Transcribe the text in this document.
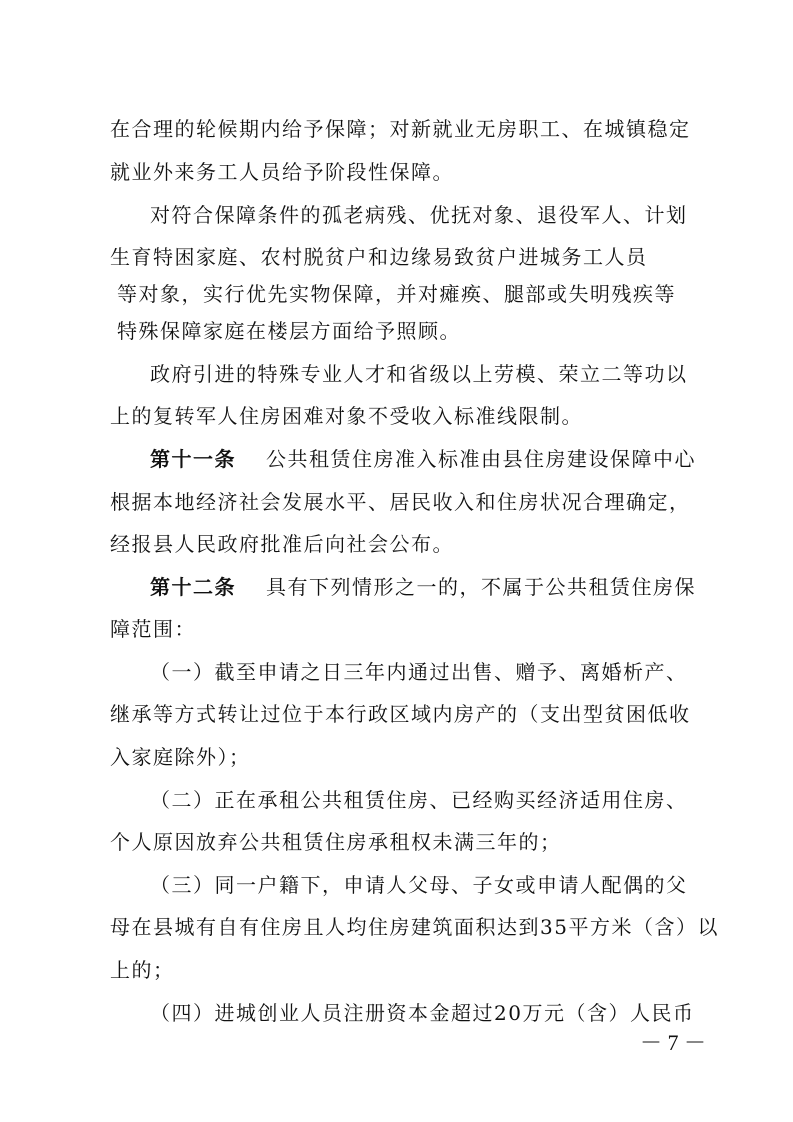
在合理的轮候期内给予保障；对新就业无房职工、在城镇稳定
就业外来务工人员给予阶段性保障。
对符合保障条件的孤老病残、优抚对象、退役军人、计划
生育特困家庭、农村脱贫户和边缘易致贫户进城务工人员
等对象，实行优先实物保障，并对瘫痪、腿部或失明残疾等
特殊保障家庭在楼层方面给予照顾。
政府引进的特殊专业人才和省级以上劳模、荣立二等功以
上的复转军人住房困难对象不受收入标准线限制。
第十一条 公共租赁住房准入标准由县住房建设保障中心
根据本地经济社会发展水平、居民收入和住房状况合理确定，
经报县人民政府批准后向社会公布。
第十二条 具有下列情形之一的，不属于公共租赁住房保
障范围：
（一）截至申请之日三年内通过出售、赠予、离婚析产、
继承等方式转让过位于本行政区域内房产的（支出型贫困低收
入家庭除外）；
（二）正在承租公共租赁住房、已经购买经济适用住房、
个人原因放弃公共租赁住房承租权未满三年的；
（三）同一户籍下，申请人父母、子女或申请人配偶的父
母在县城有自有住房且人均住房建筑面积达到35平方米（含）以
上的；
（四）进城创业人员注册资本金超过20万元（含）人民币
－ 7 －
